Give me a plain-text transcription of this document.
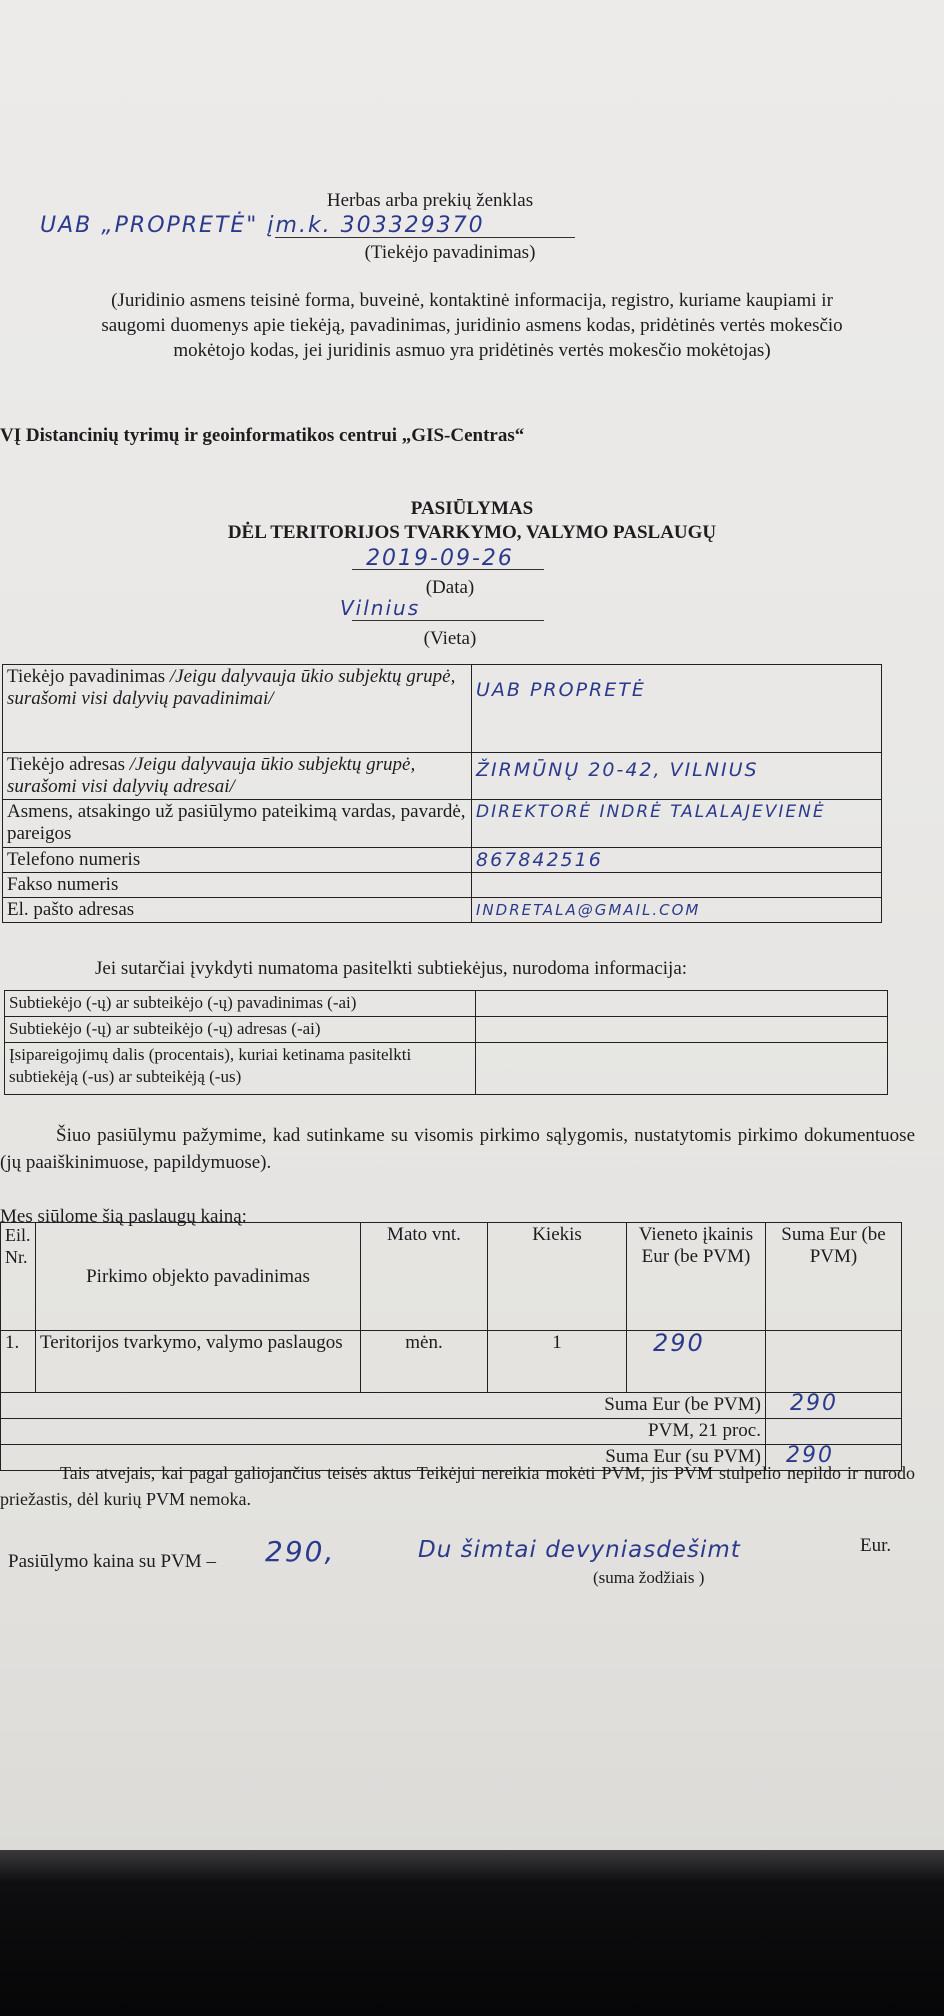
Herbas arba prekių ženklas
UAB „PROPRETĖ" įm.k. 303329370
(Tiekėjo pavadinimas)
(Juridinio asmens teisinė forma, buveinė, kontaktinė informacija, registro, kuriame kaupiami ir
saugomi duomenys apie tiekėją, pavadinimas, juridinio asmens kodas, pridėtinės vertės mokesčio
mokėtojo kodas, jei juridinis asmuo yra pridėtinės vertės mokesčio mokėtojas)
VĮ Distancinių tyrimų ir geoinformatikos centrui „GIS-Centras“
PASIŪLYMAS
DĖL TERITORIJOS TVARKYMO, VALYMO PASLAUGŲ
2019-09-26
(Data)
Vilnius
(Vieta)
Tiekėjo pavadinimas /Jeigu dalyvauja ūkio subjektų grupė, surašomi visi dalyvių pavadinimai/	UAB PROPRETĖ
Tiekėjo adresas /Jeigu dalyvauja ūkio subjektų grupė, surašomi visi dalyvių adresai/	ŽIRMŪNŲ 20-42, VILNIUS
Asmens, atsakingo už pasiūlymo pateikimą vardas, pavardė, pareigos	DIREKTORĖ INDRĖ TALALAJEVIENĖ
Telefono numeris	867842516
Fakso numeris	
El. pašto adresas	INDRETALA@GMAIL.COM
Jei sutarčiai įvykdyti numatoma pasitelkti subtiekėjus, nurodoma informacija:
Subtiekėjo (-ų) ar subteikėjo (-ų) pavadinimas (-ai)	
Subtiekėjo (-ų) ar subteikėjo (-ų) adresas (-ai)	
Įsipareigojimų dalis (procentais), kuriai ketinama pasitelkti subtiekėją (-us) ar subteikėją (-us)	
Šiuo pasiūlymu pažymime, kad sutinkame su visomis pirkimo sąlygomis, nustatytomis pirkimo dokumentuose (jų paaiškinimuose, papildymuose).
Mes siūlome šią paslaugų kainą:
Eil. Nr.	Pirkimo objekto pavadinimas	Mato vnt.	Kiekis	Vieneto įkainis Eur (be PVM)	Suma Eur (be PVM)
1.	Teritorijos tvarkymo, valymo paslaugos	mėn.	1	290	
Suma Eur (be PVM)					290
PVM, 21 proc.					
Suma Eur (su PVM)					290
Tais atvejais, kai pagal galiojančius teisės aktus Teikėjui nereikia mokėti PVM, jis PVM stulpelio nepildo ir nurodo priežastis, dėl kurių PVM nemoka.
Pasiūlymo kaina su PVM – 290,	Du šimtai devyniasdešimt	Eur.
(suma žodžiais )
